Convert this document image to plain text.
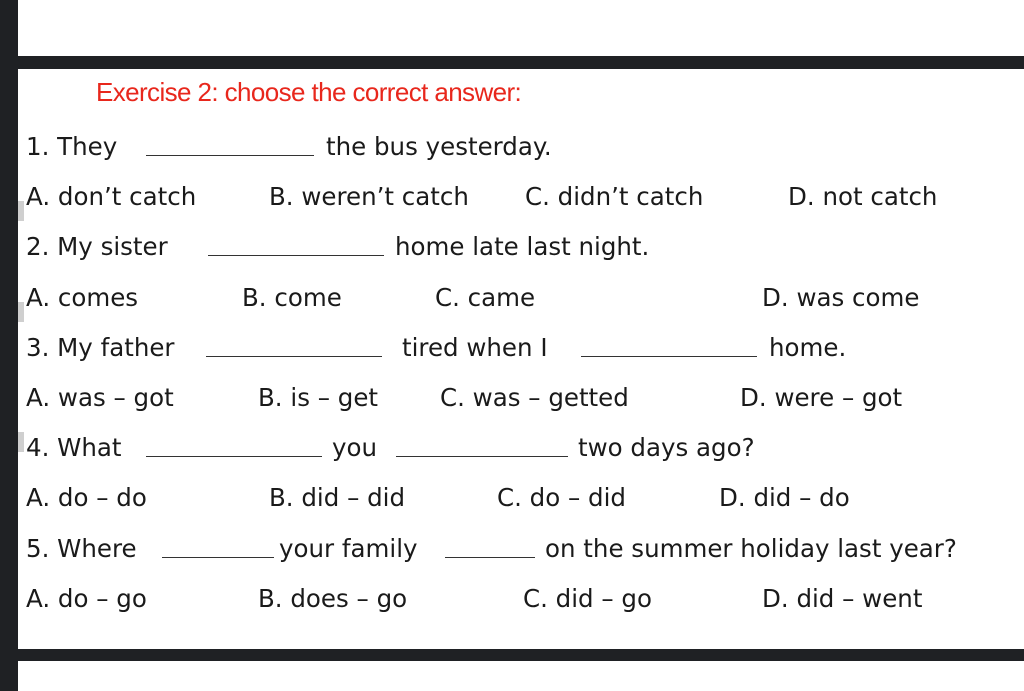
Exercise 2: choose the correct answer:
1. They	the bus yesterday.
A. don’t catch	B. weren’t catch C. didn’t catch	D. not catch
2. My sister	home late last night.
A. comes	B. come	C. came	D. was come
3. My father	tired when I	home.
A. was – got	B. is – get	C. was – getted	D. were – got
4. What	you	two days ago?
A. do – do	B. did – did	C. do – did	D. did – do
5. Where	your family	on the summer holiday last year?
A. do – go	B. does – go	C. did – go	D. did – went
